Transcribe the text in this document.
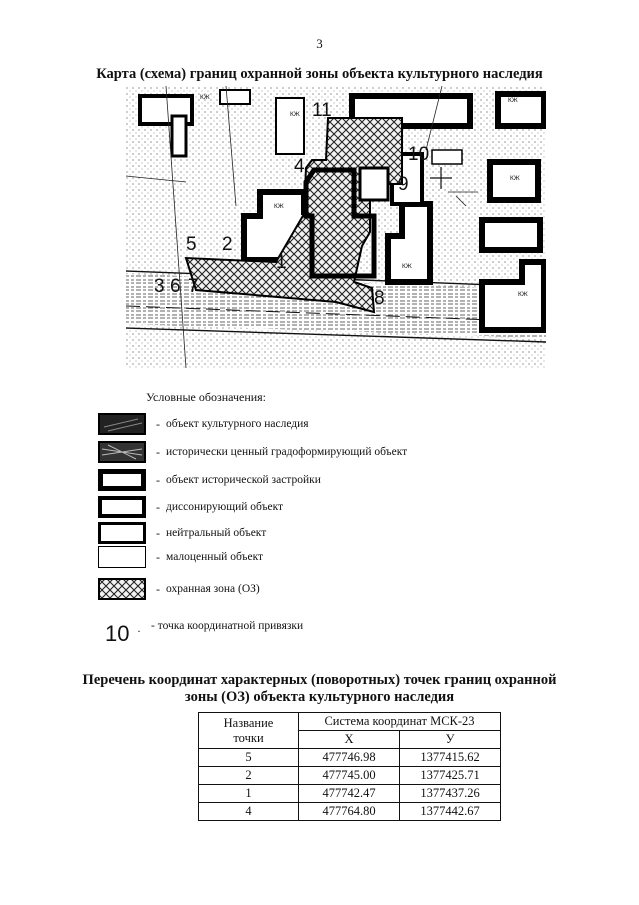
3
Карта (схема) границ охранной зоны объекта культурного наследия
КЖ
КЖ
КЖ
КЖ
КЖ
КЖ
КЖ
11
10
4
9
5 2
1
3 6 7
8
Условные обозначения:
- объект культурного наследия
- исторически ценный градоформирующий объект
- объект исторической застройки
- диссонирующий объект
- нейтральный объект
- малоценный объект
- охранная зона (ОЗ)
10 · - точка координатной привязки
Перечень координат характерных (поворотных) точек границ охранной
зоны (ОЗ) объекта культурного наследия
Название
точки	Система координат МСК-23	
	X	У
5	477746.98	1377415.62
2	477745.00	1377425.71
1	477742.47	1377437.26
4	477764.80	1377442.67
